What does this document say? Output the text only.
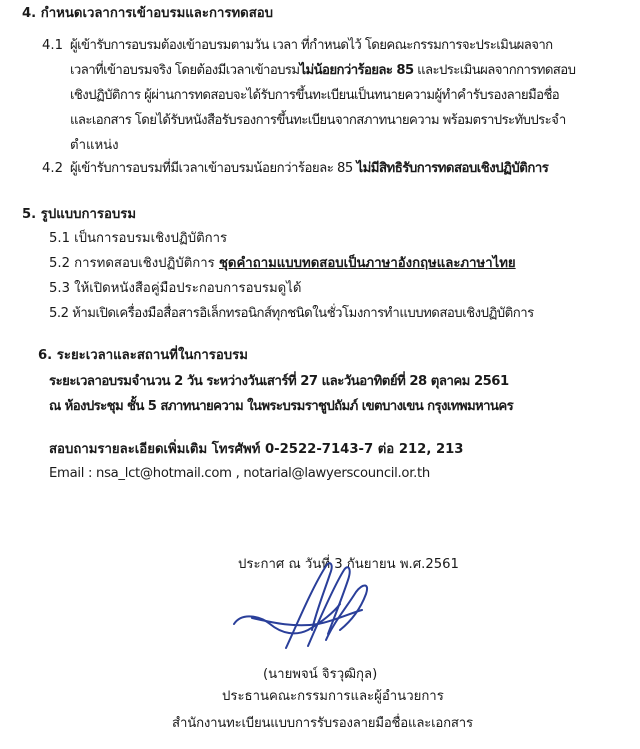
4. กำหนดเวลาการเข้าอบรมและการทดสอบ
4.1 ผู้เข้ารับการอบรมต้องเข้าอบรมตามวัน เวลา ที่กำหนดไว้ โดยคณะกรรมการจะประเมินผลจาก
เวลาที่เข้าอบรมจริง โดยต้องมีเวลาเข้าอบรมไม่น้อยกว่าร้อยละ 85 และประเมินผลจากการทดสอบ
เชิงปฏิบัติการ ผู้ผ่านการทดสอบจะได้รับการขึ้นทะเบียนเป็นทนายความผู้ทำคำรับรองลายมือชื่อ
และเอกสาร โดยได้รับหนังสือรับรองการขึ้นทะเบียนจากสภาทนายความ พร้อมตราประทับประจำ
ตำแหน่ง
4.2 ผู้เข้ารับการอบรมที่มีเวลาเข้าอบรมน้อยกว่าร้อยละ 85 ไม่มีสิทธิรับการทดสอบเชิงปฏิบัติการ
5. รูปแบบการอบรม
5.1 เป็นการอบรมเชิงปฏิบัติการ
5.2 การทดสอบเชิงปฏิบัติการ ชุดคำถามแบบทดสอบเป็นภาษาอังกฤษและภาษาไทย
5.3 ให้เปิดหนังสือคู่มือประกอบการอบรมดูได้
5.2 ห้ามเปิดเครื่องมือสื่อสารอิเล็กทรอนิกส์ทุกชนิดในชั่วโมงการทำแบบทดสอบเชิงปฏิบัติการ
6. ระยะเวลาและสถานที่ในการอบรม
ระยะเวลาอบรมจำนวน 2 วัน ระหว่างวันเสาร์ที่ 27 และวันอาทิตย์ที่ 28 ตุลาคม 2561
ณ ห้องประชุม ชั้น 5 สภาทนายความ ในพระบรมราชูปถัมภ์ เขตบางเขน กรุงเทพมหานคร
สอบถามรายละเอียดเพิ่มเติม โทรศัพท์ 0-2522-7143-7 ต่อ 212, 213
Email : nsa_lct@hotmail.com , notarial@lawyerscouncil.or.th
ประกาศ ณ วันที่ 3 กันยายน พ.ศ.2561
(นายพจน์ จิรวุฒิกุล)
ประธานคณะกรรมการและผู้อำนวยการ
สำนักงานทะเบียนแบบการรับรองลายมือชื่อและเอกสาร
